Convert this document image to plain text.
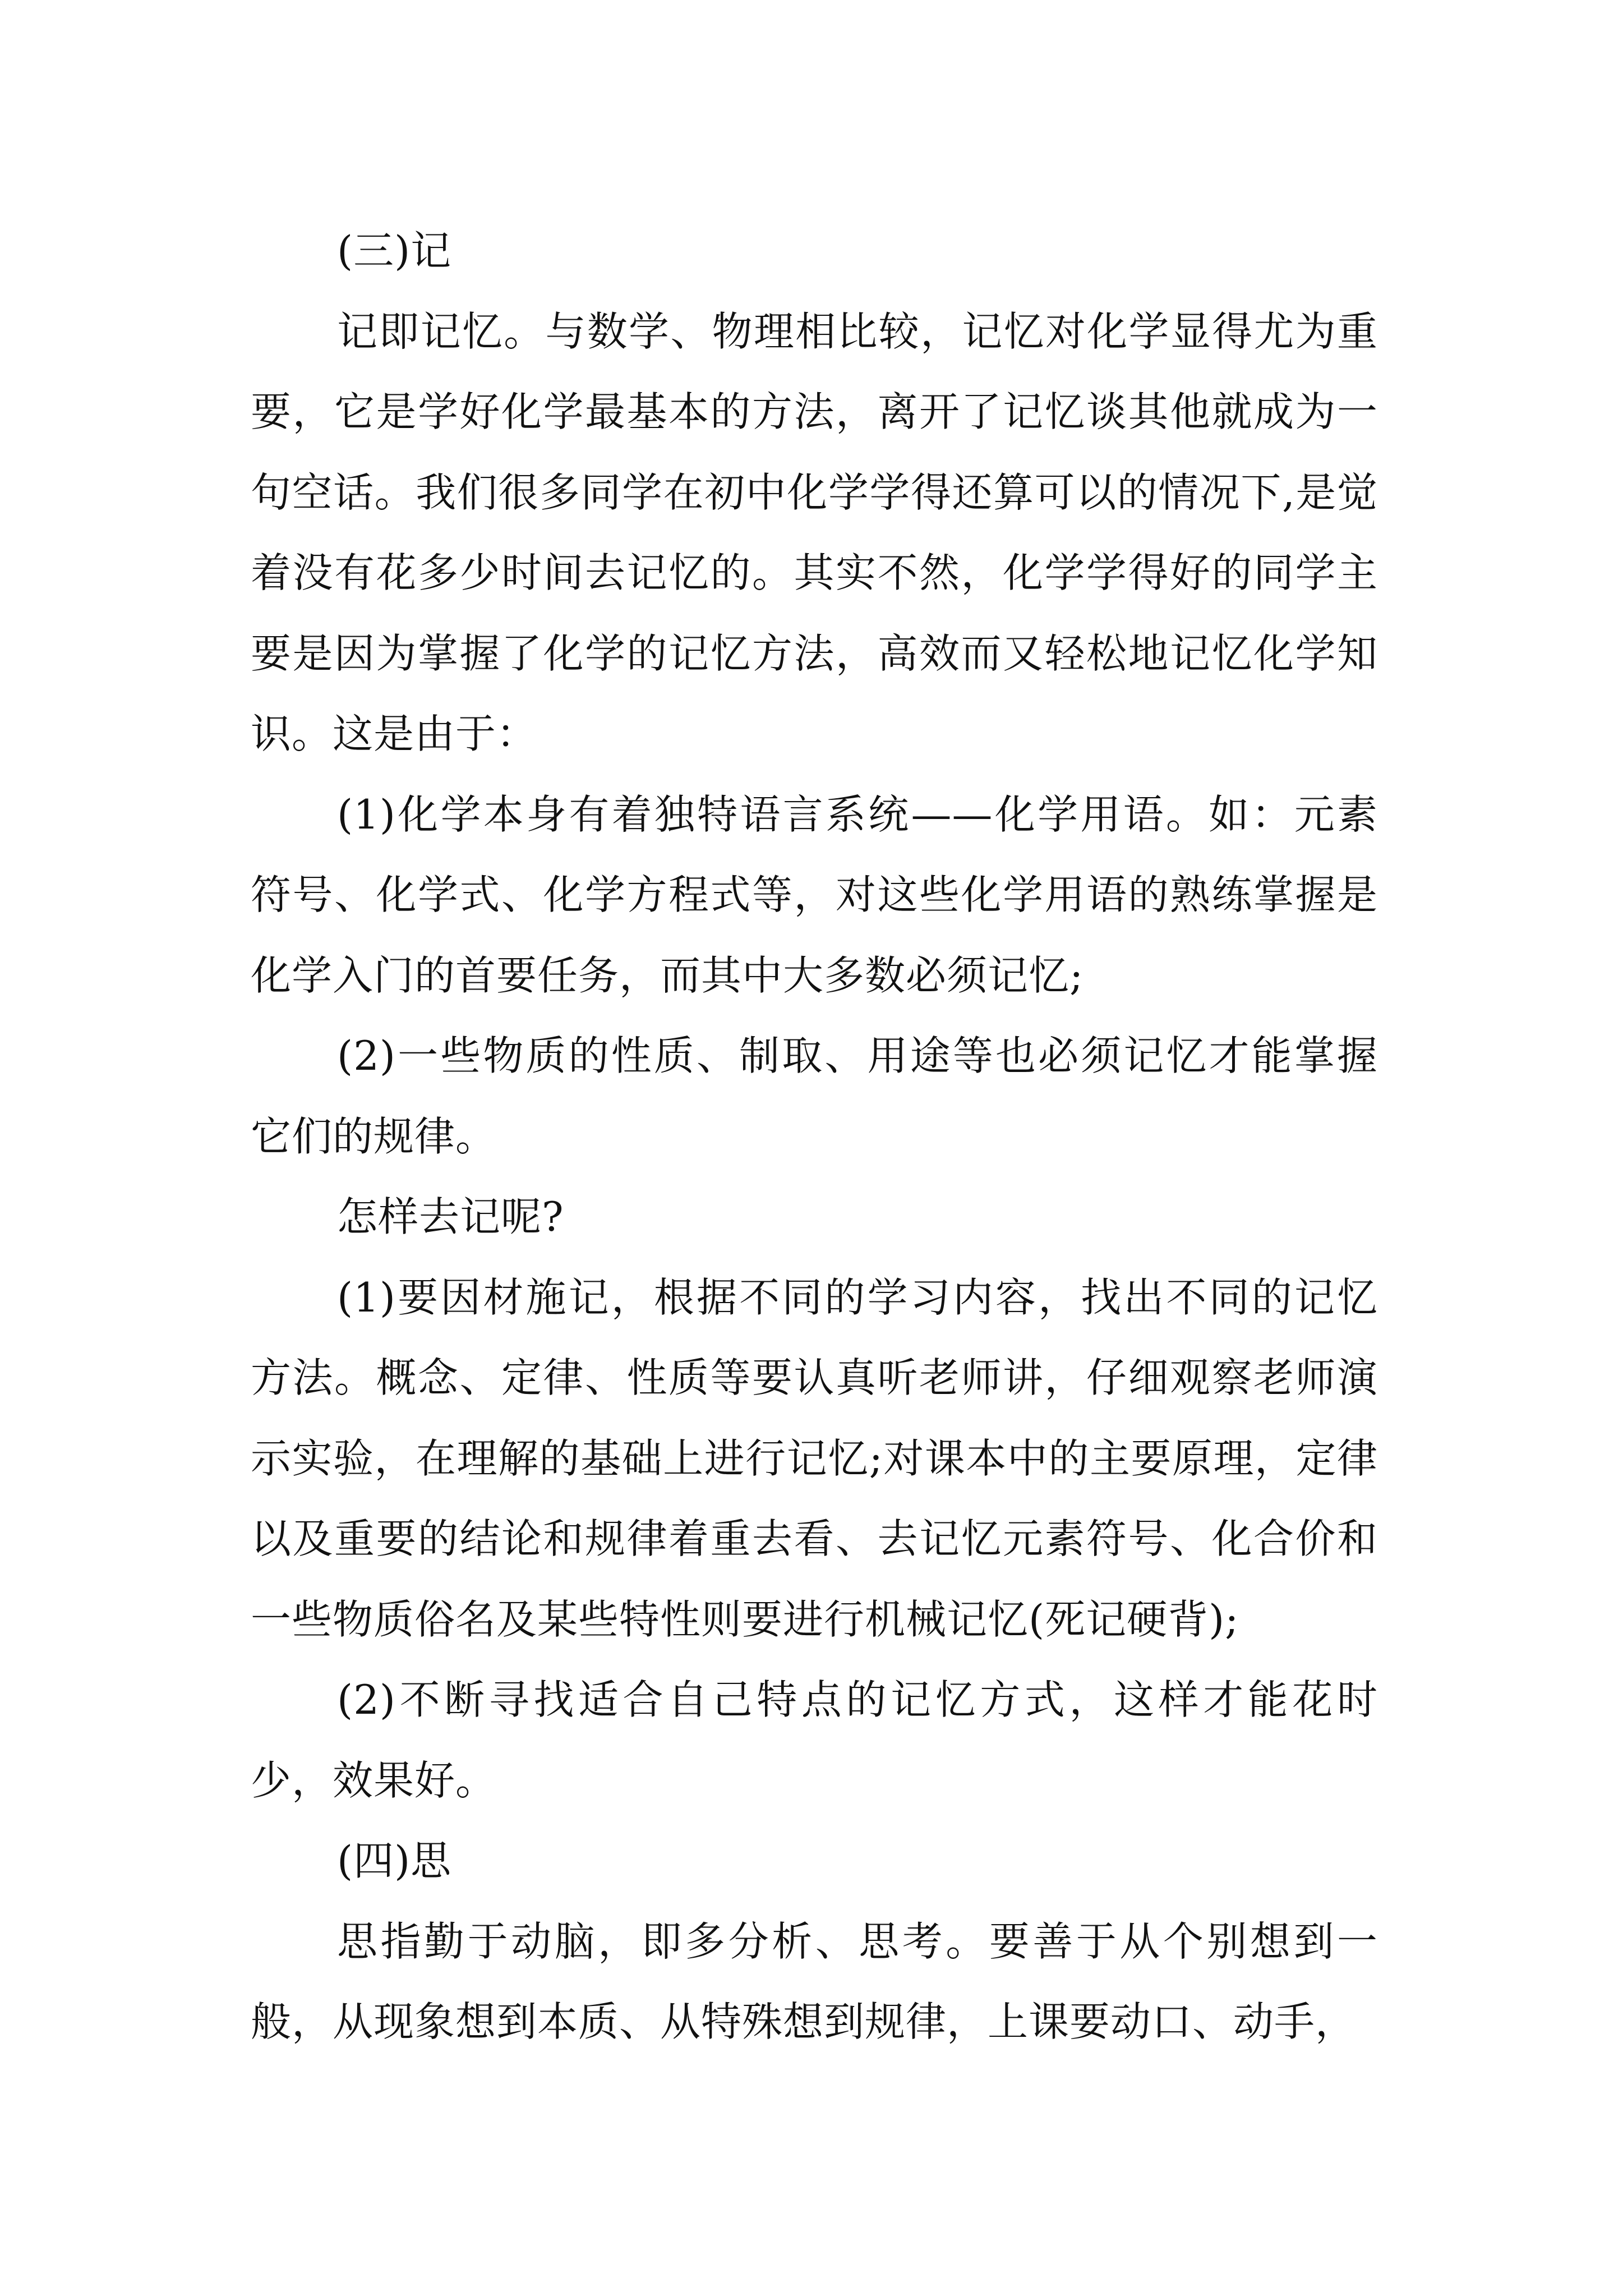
(三)记

记即记忆。与数学、物理相比较，记忆对化学显得尤为重要，它是学好化学最基本的方法，离开了记忆谈其他就成为一句空话。我们很多同学在初中化学学得还算可以的情况下,是觉着没有花多少时间去记忆的。其实不然，化学学得好的同学主要是因为掌握了化学的记忆方法，高效而又轻松地记忆化学知识。这是由于：

(1)化学本身有着独特语言系统——化学用语。如：元素符号、化学式、化学方程式等，对这些化学用语的熟练掌握是化学入门的首要任务，而其中大多数必须记忆;

(2)一些物质的性质、制取、用途等也必须记忆才能掌握它们的规律。

怎样去记呢?

(1)要因材施记，根据不同的学习内容，找出不同的记忆方法。概念、定律、性质等要认真听老师讲，仔细观察老师演示实验，在理解的基础上进行记忆;对课本中的主要原理，定律以及重要的结论和规律着重去看、去记忆元素符号、化合价和一些物质俗名及某些特性则要进行机械记忆(死记硬背);

(2)不断寻找适合自己特点的记忆方式，这样才能花时少，效果好。

(四)思

思指勤于动脑，即多分析、思考。要善于从个别想到一般，从现象想到本质、从特殊想到规律，上课要动口、动手，
